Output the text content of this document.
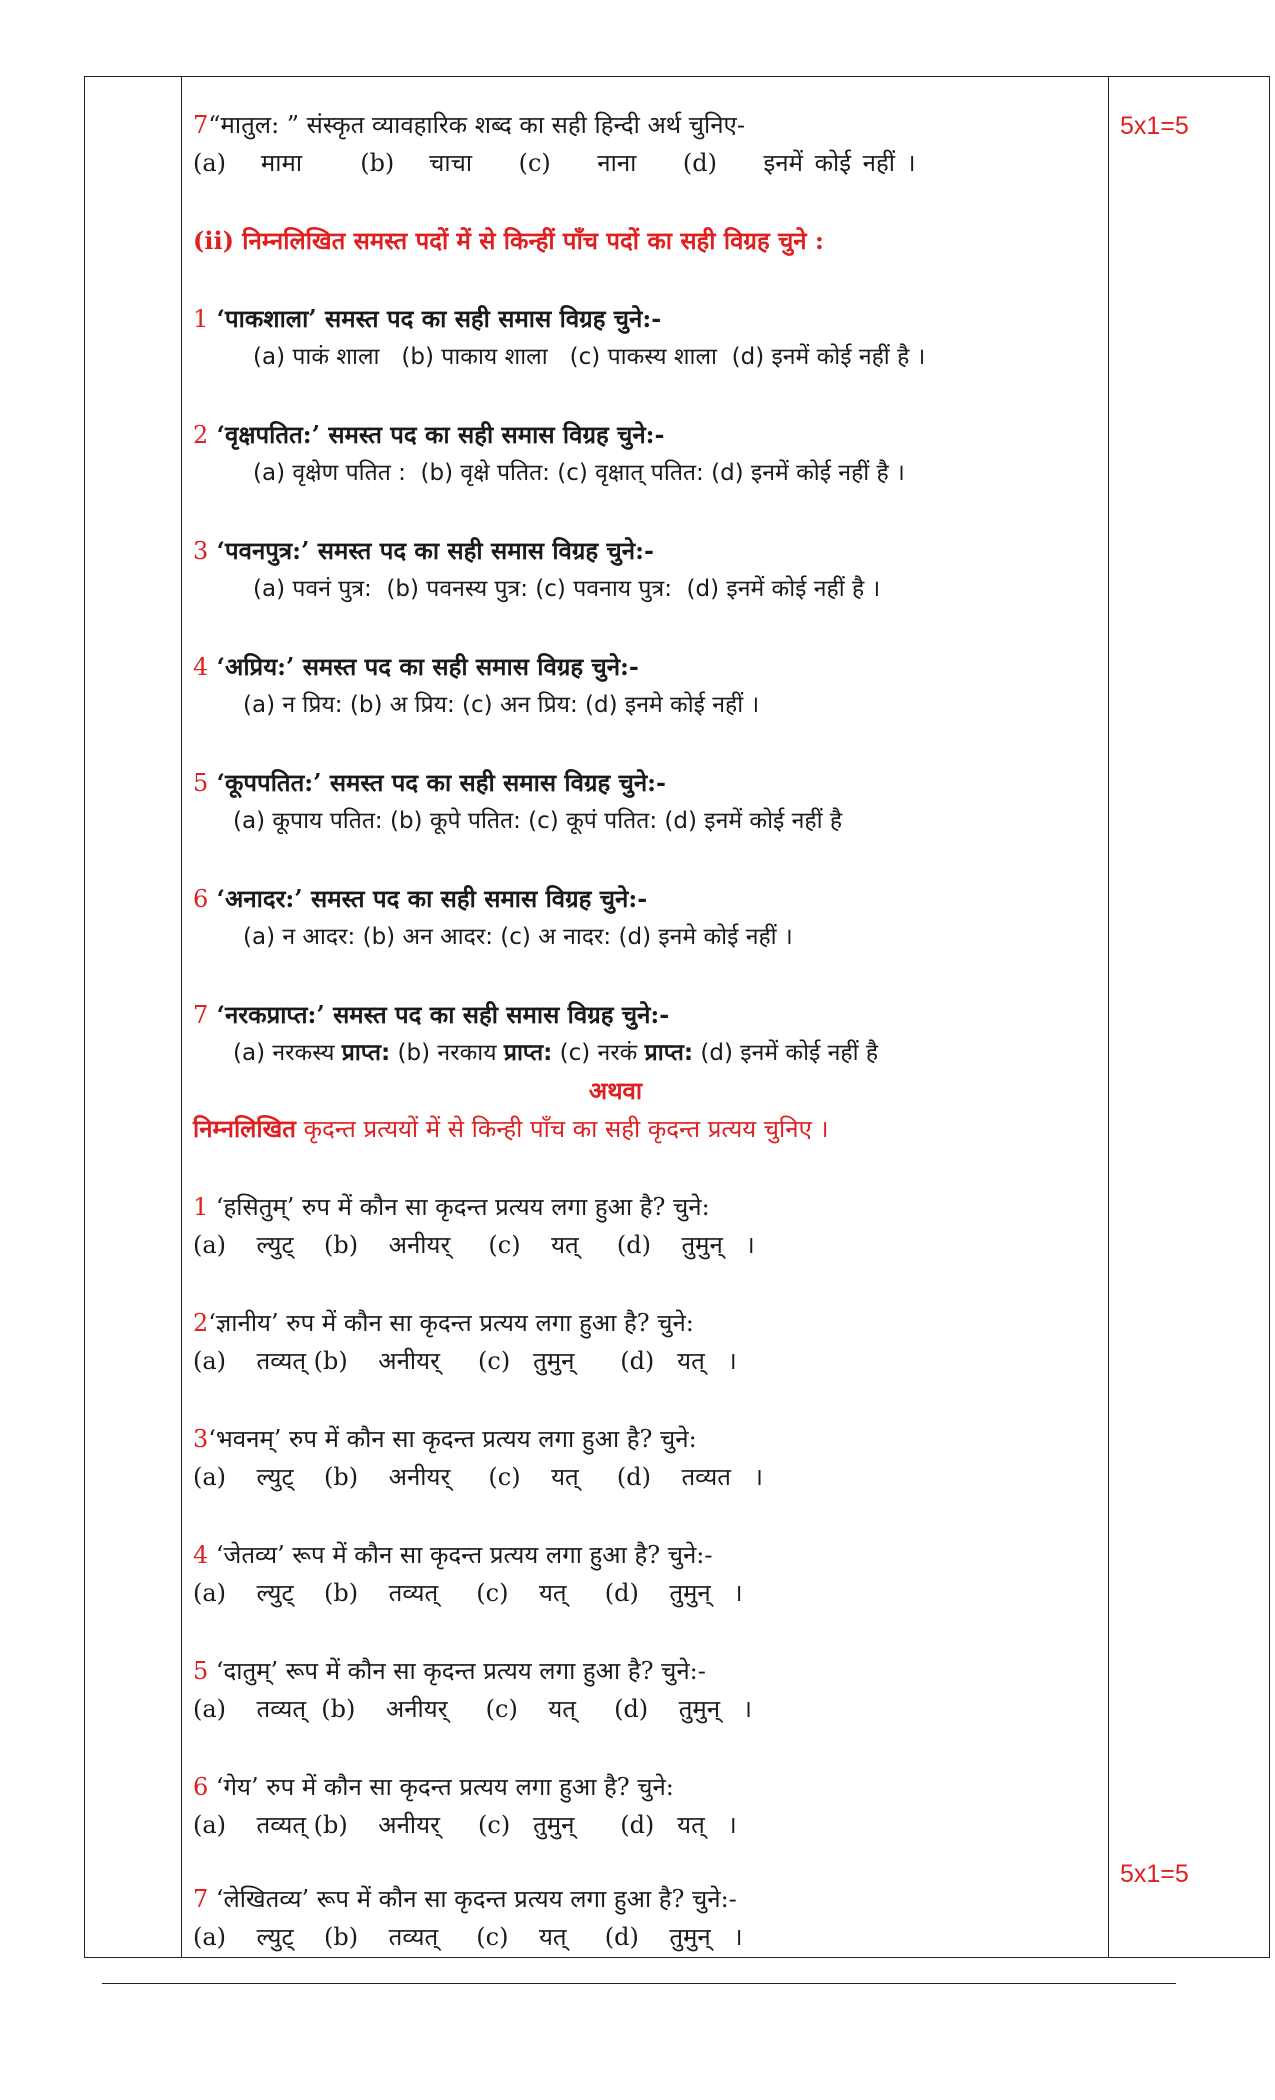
5x1=5
5x1=5
7“मातुल: ” संस्कृत व्यावहारिक शब्द का सही हिन्दी अर्थ चुनिए-
(a)   मामा     (b)   चाचा    (c)    नाना    (d)    इनमें कोई नहीं ।
(ii) निम्नलिखित समस्त पदों में से किन्हीं पाँच पदों का सही विग्रह चुने :
1 ‘पाकशाला’ समस्त पद का सही समास विग्रह चुने:-
(a) पाकं शाला   (b) पाकाय शाला   (c) पाकस्य शाला  (d) इनमें कोई नहीं है ।
2 ‘वृक्षपतित:’ समस्त पद का सही समास विग्रह चुने:-
(a) वृक्षेण पतित :  (b) वृक्षे पतित: (c) वृक्षात् पतित: (d) इनमें कोई नहीं है ।
3 ‘पवनपुत्र:’ समस्त पद का सही समास विग्रह चुने:-
(a) पवनं पुत्र:  (b) पवनस्य पुत्र: (c) पवनाय पुत्र:  (d) इनमें कोई नहीं है ।
4 ‘अप्रिय:’ समस्त पद का सही समास विग्रह चुने:-
(a) न प्रिय: (b) अ प्रिय: (c) अन प्रिय: (d) इनमे कोई नहीं ।
5 ‘कूपपतित:’ समस्त पद का सही समास विग्रह चुने:-
(a) कूपाय पतित: (b) कूपे पतित: (c) कूपं पतित: (d) इनमें कोई नहीं है
6 ‘अनादर:’ समस्त पद का सही समास विग्रह चुने:-
(a) न आदर: (b) अन आदर: (c) अ नादर: (d) इनमे कोई नहीं ।
7 ‘नरकप्राप्त:’ समस्त पद का सही समास विग्रह चुने:-
(a) नरकस्य प्राप्त: (b) नरकाय प्राप्त: (c) नरकं प्राप्त: (d) इनमें कोई नहीं है
अथवा
निम्नलिखित कृदन्त प्रत्ययों में से किन्ही पाँच का सही कृदन्त प्रत्यय चुनिए ।
1 ‘हसितुम्’ रुप में कौन सा कृदन्त प्रत्यय लगा हुआ है? चुने:
(a)    ल्युट्    (b)    अनीयर्     (c)    यत्     (d)    तुमुन्   ।
2‘ज्ञानीय’ रुप में कौन सा कृदन्त प्रत्यय लगा हुआ है? चुने:
(a)    तव्यत् (b)    अनीयर्     (c)   तुमुन्      (d)   यत्   ।
3‘भवनम्’ रुप में कौन सा कृदन्त प्रत्यय लगा हुआ है? चुने:
(a)    ल्युट्    (b)    अनीयर्     (c)    यत्     (d)    तव्यत   ।
4 ‘जेतव्य’ रूप में कौन सा कृदन्त प्रत्यय लगा हुआ है? चुने:-
(a)    ल्युट्    (b)    तव्यत्     (c)    यत्     (d)    तुमुन्   ।
5 ‘दातुम्’ रूप में कौन सा कृदन्त प्रत्यय लगा हुआ है? चुने:-
(a)    तव्यत्  (b)    अनीयर्     (c)    यत्     (d)    तुमुन्   ।
6 ‘गेय’ रुप में कौन सा कृदन्त प्रत्यय लगा हुआ है? चुने:
(a)    तव्यत् (b)    अनीयर्     (c)   तुमुन्      (d)   यत्   ।
7 ‘लेखितव्य’ रूप में कौन सा कृदन्त प्रत्यय लगा हुआ है? चुने:-
(a)    ल्युट्    (b)    तव्यत्     (c)    यत्     (d)    तुमुन्   ।
